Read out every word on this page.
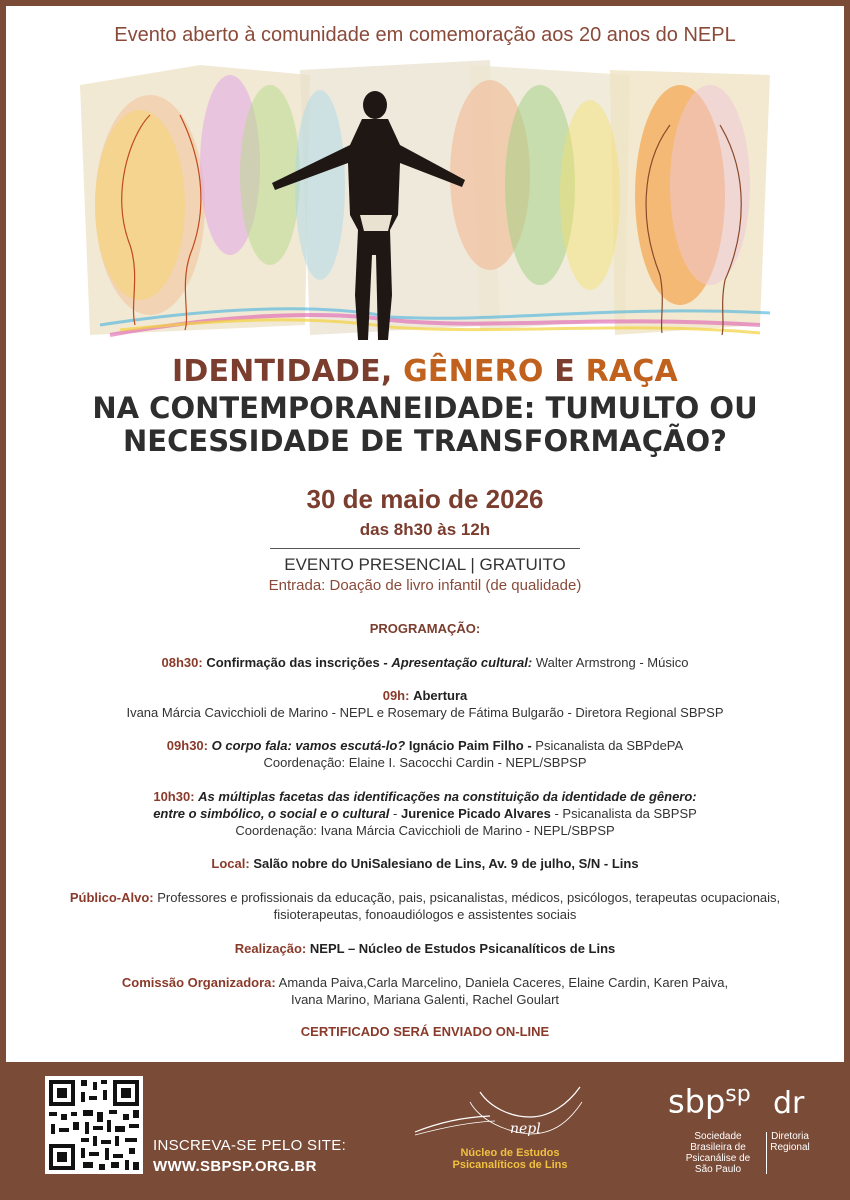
Evento aberto à comunidade em comemoração aos 20 anos do NEPL
IDENTIDADE, GÊNERO E RAÇA
NA CONTEMPORANEIDADE: TUMULTO OU
NECESSIDADE DE TRANSFORMAÇÃO?
30 de maio de 2026
das 8h30 às 12h
EVENTO PRESENCIAL | GRATUITO
Entrada: Doação de livro infantil (de qualidade)
PROGRAMAÇÃO:
08h30: Confirmação das inscrições - Apresentação cultural: Walter Armstrong - Músico
09h: Abertura
Ivana Márcia Cavicchioli de Marino - NEPL e Rosemary de Fátima Bulgarão - Diretora Regional SBPSP
09h30: O corpo fala: vamos escutá-lo? Ignácio Paim Filho - Psicanalista da SBPdePA
Coordenação: Elaine I. Sacocchi Cardin - NEPL/SBPSP
10h30: As múltiplas facetas das identificações na constituição da identidade de gênero:
entre o simbólico, o social e o cultural - Jurenice Picado Alvares - Psicanalista da SBPSP
Coordenação: Ivana Márcia Cavicchioli de Marino - NEPL/SBPSP
Local: Salão nobre do UniSalesiano de Lins, Av. 9 de julho, S/N - Lins
Público-Alvo: Professores e profissionais da educação, pais, psicanalistas, médicos, psicólogos, terapeutas ocupacionais,
fisioterapeutas, fonoaudiólogos e assistentes sociais
Realização: NEPL – Núcleo de Estudos Psicanalíticos de Lins
Comissão Organizadora: Amanda Paiva,Carla Marcelino, Daniela Caceres, Elaine Cardin, Karen Paiva,
Ivana Marino, Mariana Galenti, Rachel Goulart
CERTIFICADO SERÁ ENVIADO ON-LINE
INSCREVA-SE PELO SITE:
WWW.SBPSP.ORG.BR
nepl
Núcleo de Estudos
Psicanalíticos de Lins
sbp$^{sp}$ dr
Sociedade
Brasileira de
Psicanálise de
São Paulo
Diretoria
Regional
